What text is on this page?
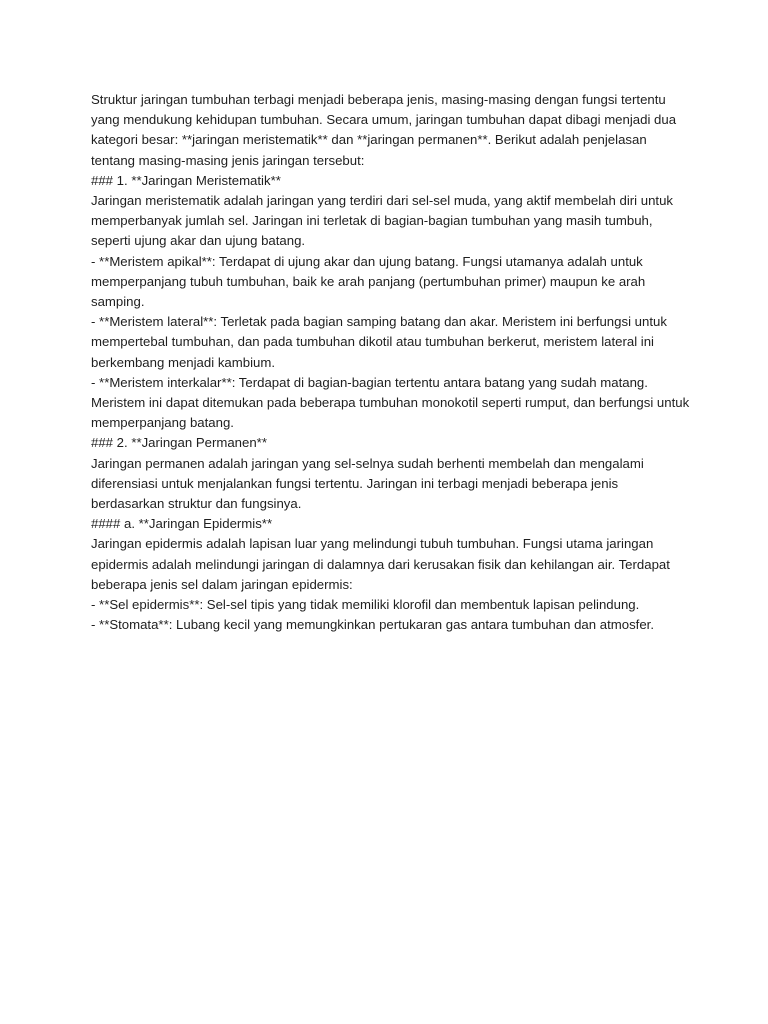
Struktur jaringan tumbuhan terbagi menjadi beberapa jenis, masing-masing dengan fungsi tertentu yang mendukung kehidupan tumbuhan. Secara umum, jaringan tumbuhan dapat dibagi menjadi dua kategori besar: **jaringan meristematik** dan **jaringan permanen**. Berikut adalah penjelasan tentang masing-masing jenis jaringan tersebut:

### 1. **Jaringan Meristematik**

Jaringan meristematik adalah jaringan yang terdiri dari sel-sel muda, yang aktif membelah diri untuk memperbanyak jumlah sel. Jaringan ini terletak di bagian-bagian tumbuhan yang masih tumbuh, seperti ujung akar dan ujung batang.

- **Meristem apikal**: Terdapat di ujung akar dan ujung batang. Fungsi utamanya adalah untuk memperpanjang tubuh tumbuhan, baik ke arah panjang (pertumbuhan primer) maupun ke arah samping.

- **Meristem lateral**: Terletak pada bagian samping batang dan akar. Meristem ini berfungsi untuk mempertebal tumbuhan, dan pada tumbuhan dikotil atau tumbuhan berkerut, meristem lateral ini berkembang menjadi kambium.

- **Meristem interkalar**: Terdapat di bagian-bagian tertentu antara batang yang sudah matang. Meristem ini dapat ditemukan pada beberapa tumbuhan monokotil seperti rumput, dan berfungsi untuk memperpanjang batang.

### 2. **Jaringan Permanen**

Jaringan permanen adalah jaringan yang sel-selnya sudah berhenti membelah dan mengalami diferensiasi untuk menjalankan fungsi tertentu. Jaringan ini terbagi menjadi beberapa jenis berdasarkan struktur dan fungsinya.

#### a. **Jaringan Epidermis**

Jaringan epidermis adalah lapisan luar yang melindungi tubuh tumbuhan. Fungsi utama jaringan epidermis adalah melindungi jaringan di dalamnya dari kerusakan fisik dan kehilangan air. Terdapat beberapa jenis sel dalam jaringan epidermis:

- **Sel epidermis**: Sel-sel tipis yang tidak memiliki klorofil dan membentuk lapisan pelindung.

- **Stomata**: Lubang kecil yang memungkinkan pertukaran gas antara tumbuhan dan atmosfer.
